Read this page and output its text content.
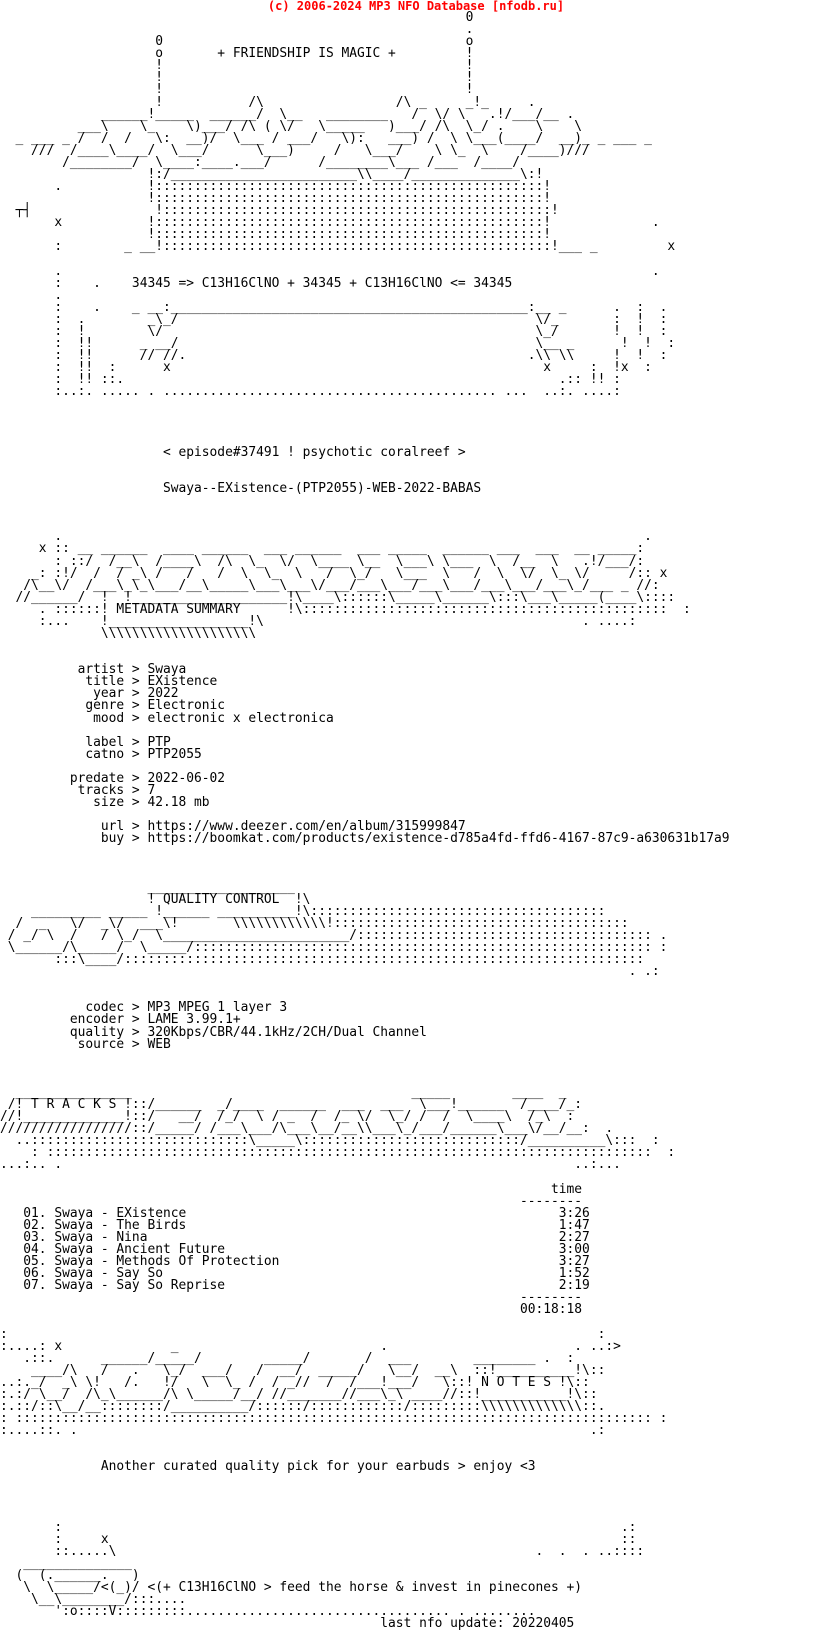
(c) 2006-2024 MP3 NFO Database [nfodb.ru]
0
.
0                                       o
o       + FRIENDSHIP IS MAGIC +         !
!                                       !
!                                       !
!                                       !
!           /\                 /\ _     _!_     .
______!_____  ______/  \__   ________   /  \/ \   .!/___/__ .
___\    \_    \)___/ /\ ( \/   \_____   )___/ /\  \_/ .    \    \
_ ___ _ /  /  /   \:  __)/  \___ / ___/   \):   ___) /  \ \___(____/  __)_ _ ___ _
///  /____\____/  \___/      \___)     /   \___/    \ \_  \    /____)///
/________/  \____:____.___/      /________\___ /___  /____/
!:/________________________\\____/______________\:!
.           !::::::::::::::::::::::::::::::::::::::::::::::::::!
!::::::::::::::::::::::::::::::::::::::::::::::::::!
┬┤                !::::::::::::::::::::::::::::::::::::::::::::::::::!
x           !::::::::::::::::::::::::::::::::::::::::::::::::::!             .
!::::::::::::::::::::::::::::::::::::::::::::::::::!
:        _ __!::::::::::::::::::::::::::::::::::::::::::::::::::!___ _         x

.                                                                            .
:    .    34345 => C13H16ClNO + 34345 + C13H16ClNO <= 34345
.
:    .    _ __:______________________________________________:__ _      .  :  .
:  .        _\_/                                              \/_       :  !  :
:  !        \/                                                \_/       !  !  :
:  !!      _ __/                                              \__ _      !  !  :
:  !!      // //.                                            .\\ \\     !  !  :
:  !!  :      x                                                x     :  !x  :
:  !! ::.                                                        .:: !! :
:..:. ..... . ........................................... ...  ..:. ....:

< episode#37491 ! psychotic coralreef >

Swaya--EXistence-(PTP2055)-WEB-2022-BABAS

.                                                                           .
x :: __ ______  ____ ______  ___ ______  ___ _____  ______ ___  ___  __ _____:
: ::/  /__\  /____\  /\  \_  \/  \____ \__  \___\ \___  \  /__  \   .!/___/:
_: :!/  /  / _\ /   /   /  \  \_  \   /  \_/   \___  \   /  \  \/  \_ \/     /:: x
/\__\/  /___\_\_\___/__\_____\___\___\/___/___\___/___\___/___\___/___\_/___ _ //:
//______/  !  !____________________!\____\::::::\_____\______\:::\___\_____(____\::::
. ::::::! METADATA SUMMARY      !\:::::::::::::::::::::::::::::::::::::::::::::::  :
:...    !__________________!\                                         . ....:
\\\\\\\\\\\\\\\\\\\\

artist > Swaya
title > EXistence
year > 2022
genre > Electronic
mood > electronic x electronica

label > PTP
catno > PTP2055

predate > 2022-06-02
tracks > 7
size > 42.18 mb

url > https://www.deezer.com/en/album/315999847
buy > https://boomkat.com/products/existence-d785a4fd-ffd6-4167-87c9-a630631b17a9

___________________
! QUALITY CONTROL  !\
_________ _____ !______ __________!\::::::::::::::::::::::::::::::::::::::
/  _   \/  _\/  ___\!       \\\\\\\\\\\\!::::::::::::::::::::::::::::::::::::::
/ _/ \  /   / \_/  \________________________/:::::::::::::::::::::::::::::::::::::: .
\______/\_____/  \_____/::::::::::::::::::::::::::::::::::::::::::::::::::::::::::: :
:::\____/:::::::::::::::::::::::::::::::::::::::::::::::::::::::::::::::::::
. .:

codec > MP3 MPEG 1 layer 3
encoder > LAME 3.99.1+
quality > 320Kbps/CBR/44.1kHz/2CH/Dual Channel
source > WEB

_______________                                    _____        ____  _
/! T R A C K S !::/______  _/____  ______  ___  ___  \___!______  /____/_:
//!_____________!::/   __/  /_/  \ / _  /  /_ \/  \_/ /  /  \____\  /_\  :
/////////////////::/_____/ /___\___/\___\__/__\\___\_/___/______\___\/__/__:  .
..::::::::::::::::::::::::::::\_____\::::::::::::::::::::::::::::/__________\:::  :
: ::::::::::::::::::::::::::::::::::::::::::::::::::::::::::::::::::::::::::::::  :
...:.. .                                                                  ..:...

time
--------
01. Swaya - EXistence                                                3:26
02. Swaya - The Birds                                                1:47
03. Swaya - Nina                                                     2:27
04. Swaya - Ancient Future                                           3:00
05. Swaya - Methods Of Protection                                    3:27
06. Swaya - Say So                                                   1:52
07. Swaya - Say So Reprise                                           2:19
--------
00:18:18

:                                                                            :
:....: x              _                          .                        . ..:>
.::.      ______/_____/        _____/       /  ___        ________ .  :
____/\   /   .   \_/  ___/   /  __/  _____/   \__/  __\  ::!__________!\::
..:._/  _\ \!   /.   !/   \  \_ /  / _//  /  /___!___/   \::! N O T E S !\::
:.:/ \__/  /\_\______/\ \_____/__/ //_______//___\_\ ____//::!___________!\::
:.::/::\__/__::::::::/__________/::::::/::::::::::::/:::::::::\\\\\\\\\\\\\::.
: :::::::::::::::::::::::::::::::::::::::::::::::::::::::::::::::::::::::::::::::::: :
:....::. .                                                                  .:

Another curated quality pick for your earbuds > enjoy <3

:                                                                        .:
:     x                                                                  ::
::.....\                                                      .  .  . ..::::
______________
(  (.______.   )
\  \_____/<(_)/ <(+ C13H16ClNO > feed the horse & invest in pinecones +)
\__\________/:::....
':o::::V:::::::::.................................. . ........
last nfo update: 20220405
